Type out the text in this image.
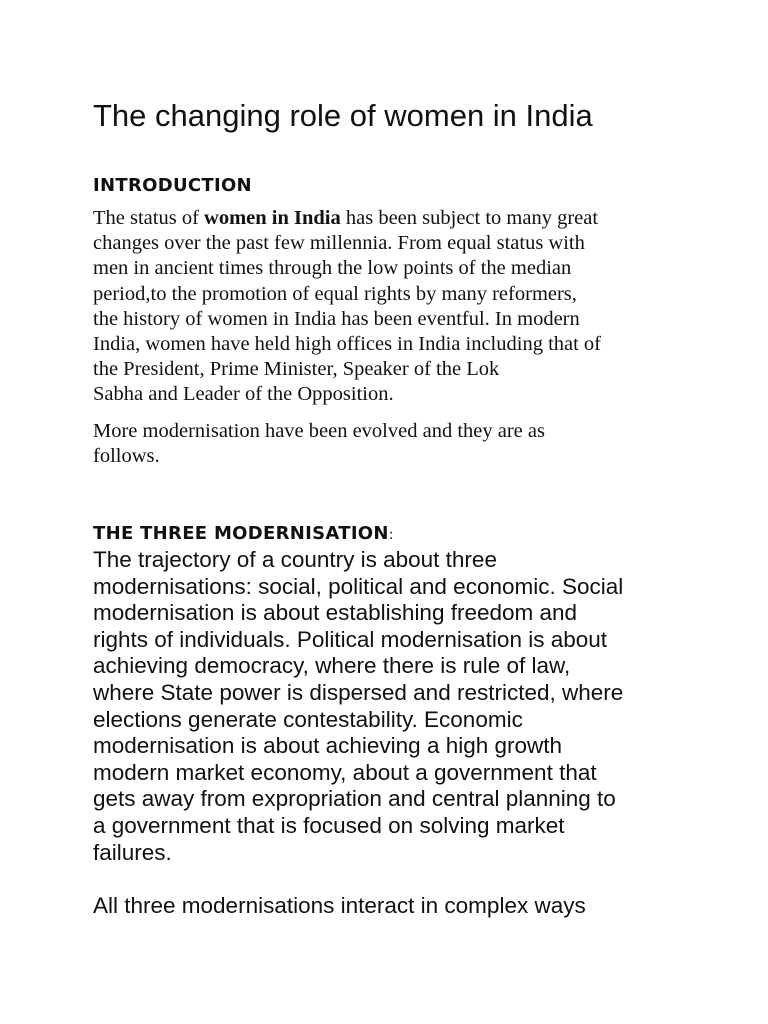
The changing role of women in India
INTRODUCTION

The status of women in India has been subject to many great
changes over the past few millennia. From equal status with
men in ancient times through the low points of the median
period,to the promotion of equal rights by many reformers,
the history of women in India has been eventful. In modern
India, women have held high offices in India including that of
the President, Prime Minister, Speaker of the Lok
Sabha and Leader of the Opposition.

More modernisation have been evolved and they are as
follows.

THE THREE MODERNISATION:

The trajectory of a country is about three
modernisations: social, political and economic. Social
modernisation is about establishing freedom and
rights of individuals. Political modernisation is about
achieving democracy, where there is rule of law,
where State power is dispersed and restricted, where
elections generate contestability. Economic
modernisation is about achieving a high growth
modern market economy, about a government that
gets away from expropriation and central planning to
a government that is focused on solving market
failures.

All three modernisations interact in complex ways
